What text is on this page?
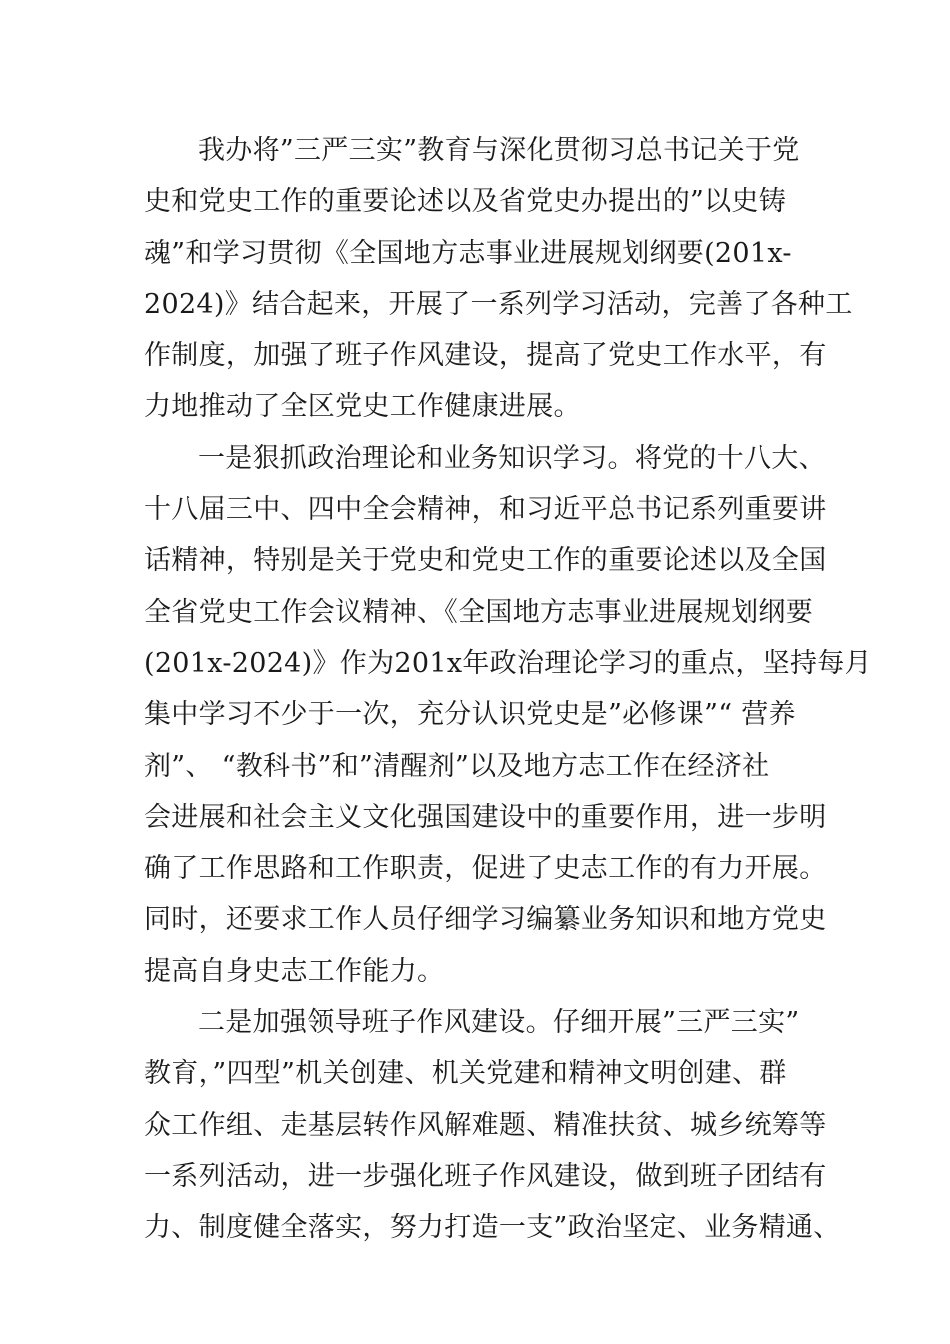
我办将”三严三实”教育与深化贯彻习总书记关于党
史和党史工作的重要论述以及省党史办提出的”以史铸
魂”和学习贯彻《全国地方志事业进展规划纲要(201x-
2024)》结合起来，开展了一系列学习活动，完善了各种工
作制度，加强了班子作风建设，提高了党史工作水平，有
力地推动了全区党史工作健康进展。
一是狠抓政治理论和业务知识学习。将党的十八大、
十八届三中、四中全会精神，和习近平总书记系列重要讲
话精神，特别是关于党史和党史工作的重要论述以及全国
全省党史工作会议精神、《全国地方志事业进展规划纲要
(201x-2024)》作为201x年政治理论学习的重点，坚持每月
集中学习不少于一次，充分认识党史是”必修课”“ 营养
剂”、 “教科书”和”清醒剂”以及地方志工作在经济社
会进展和社会主义文化强国建设中的重要作用，进一步明
确了工作思路和工作职责，促进了史志工作的有力开展。
同时，还要求工作人员仔细学习编纂业务知识和地方党史
提高自身史志工作能力。
二是加强领导班子作风建设。仔细开展”三严三实”
教育，”四型”机关创建、机关党建和精神文明创建、群
众工作组、走基层转作风解难题、精准扶贫、城乡统筹等
一系列活动，进一步强化班子作风建设，做到班子团结有
力、制度健全落实，努力打造一支”政治坚定、业务精通、
